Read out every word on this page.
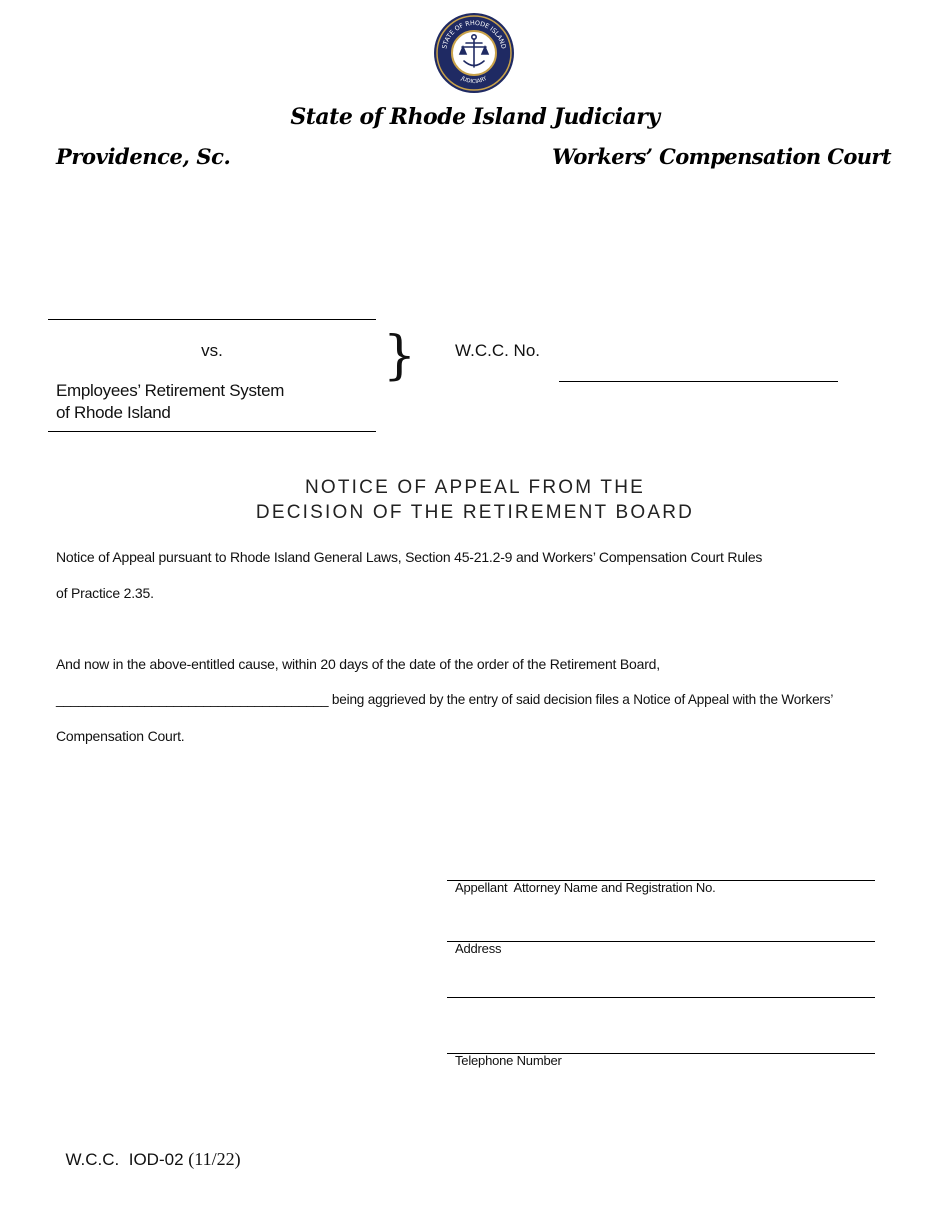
STATE OF RHODE ISLAND
JUDICIARY
State of Rhode Island Judiciary
Providence, Sc.	Workers’ Compensation Court
vs.
Employees’ Retirement System
of Rhode Island
} W.C.C. No.
NOTICE OF APPEAL FROM THE
DECISION OF THE RETIREMENT BOARD
Notice of Appeal pursuant to Rhode Island General Laws, Section 45-21.2-9 and Workers’ Compensation Court Rules
of Practice 2.35.
And now in the above-entitled cause, within 20 days of the date of the order of the Retirement Board,
_____________________________________ being aggrieved by the entry of said decision files a Notice of Appeal with the Workers’
Compensation Court.
Appellant  Attorney Name and Registration No.
Address
Telephone Number

W.C.C.  IOD-02 (11/22)
